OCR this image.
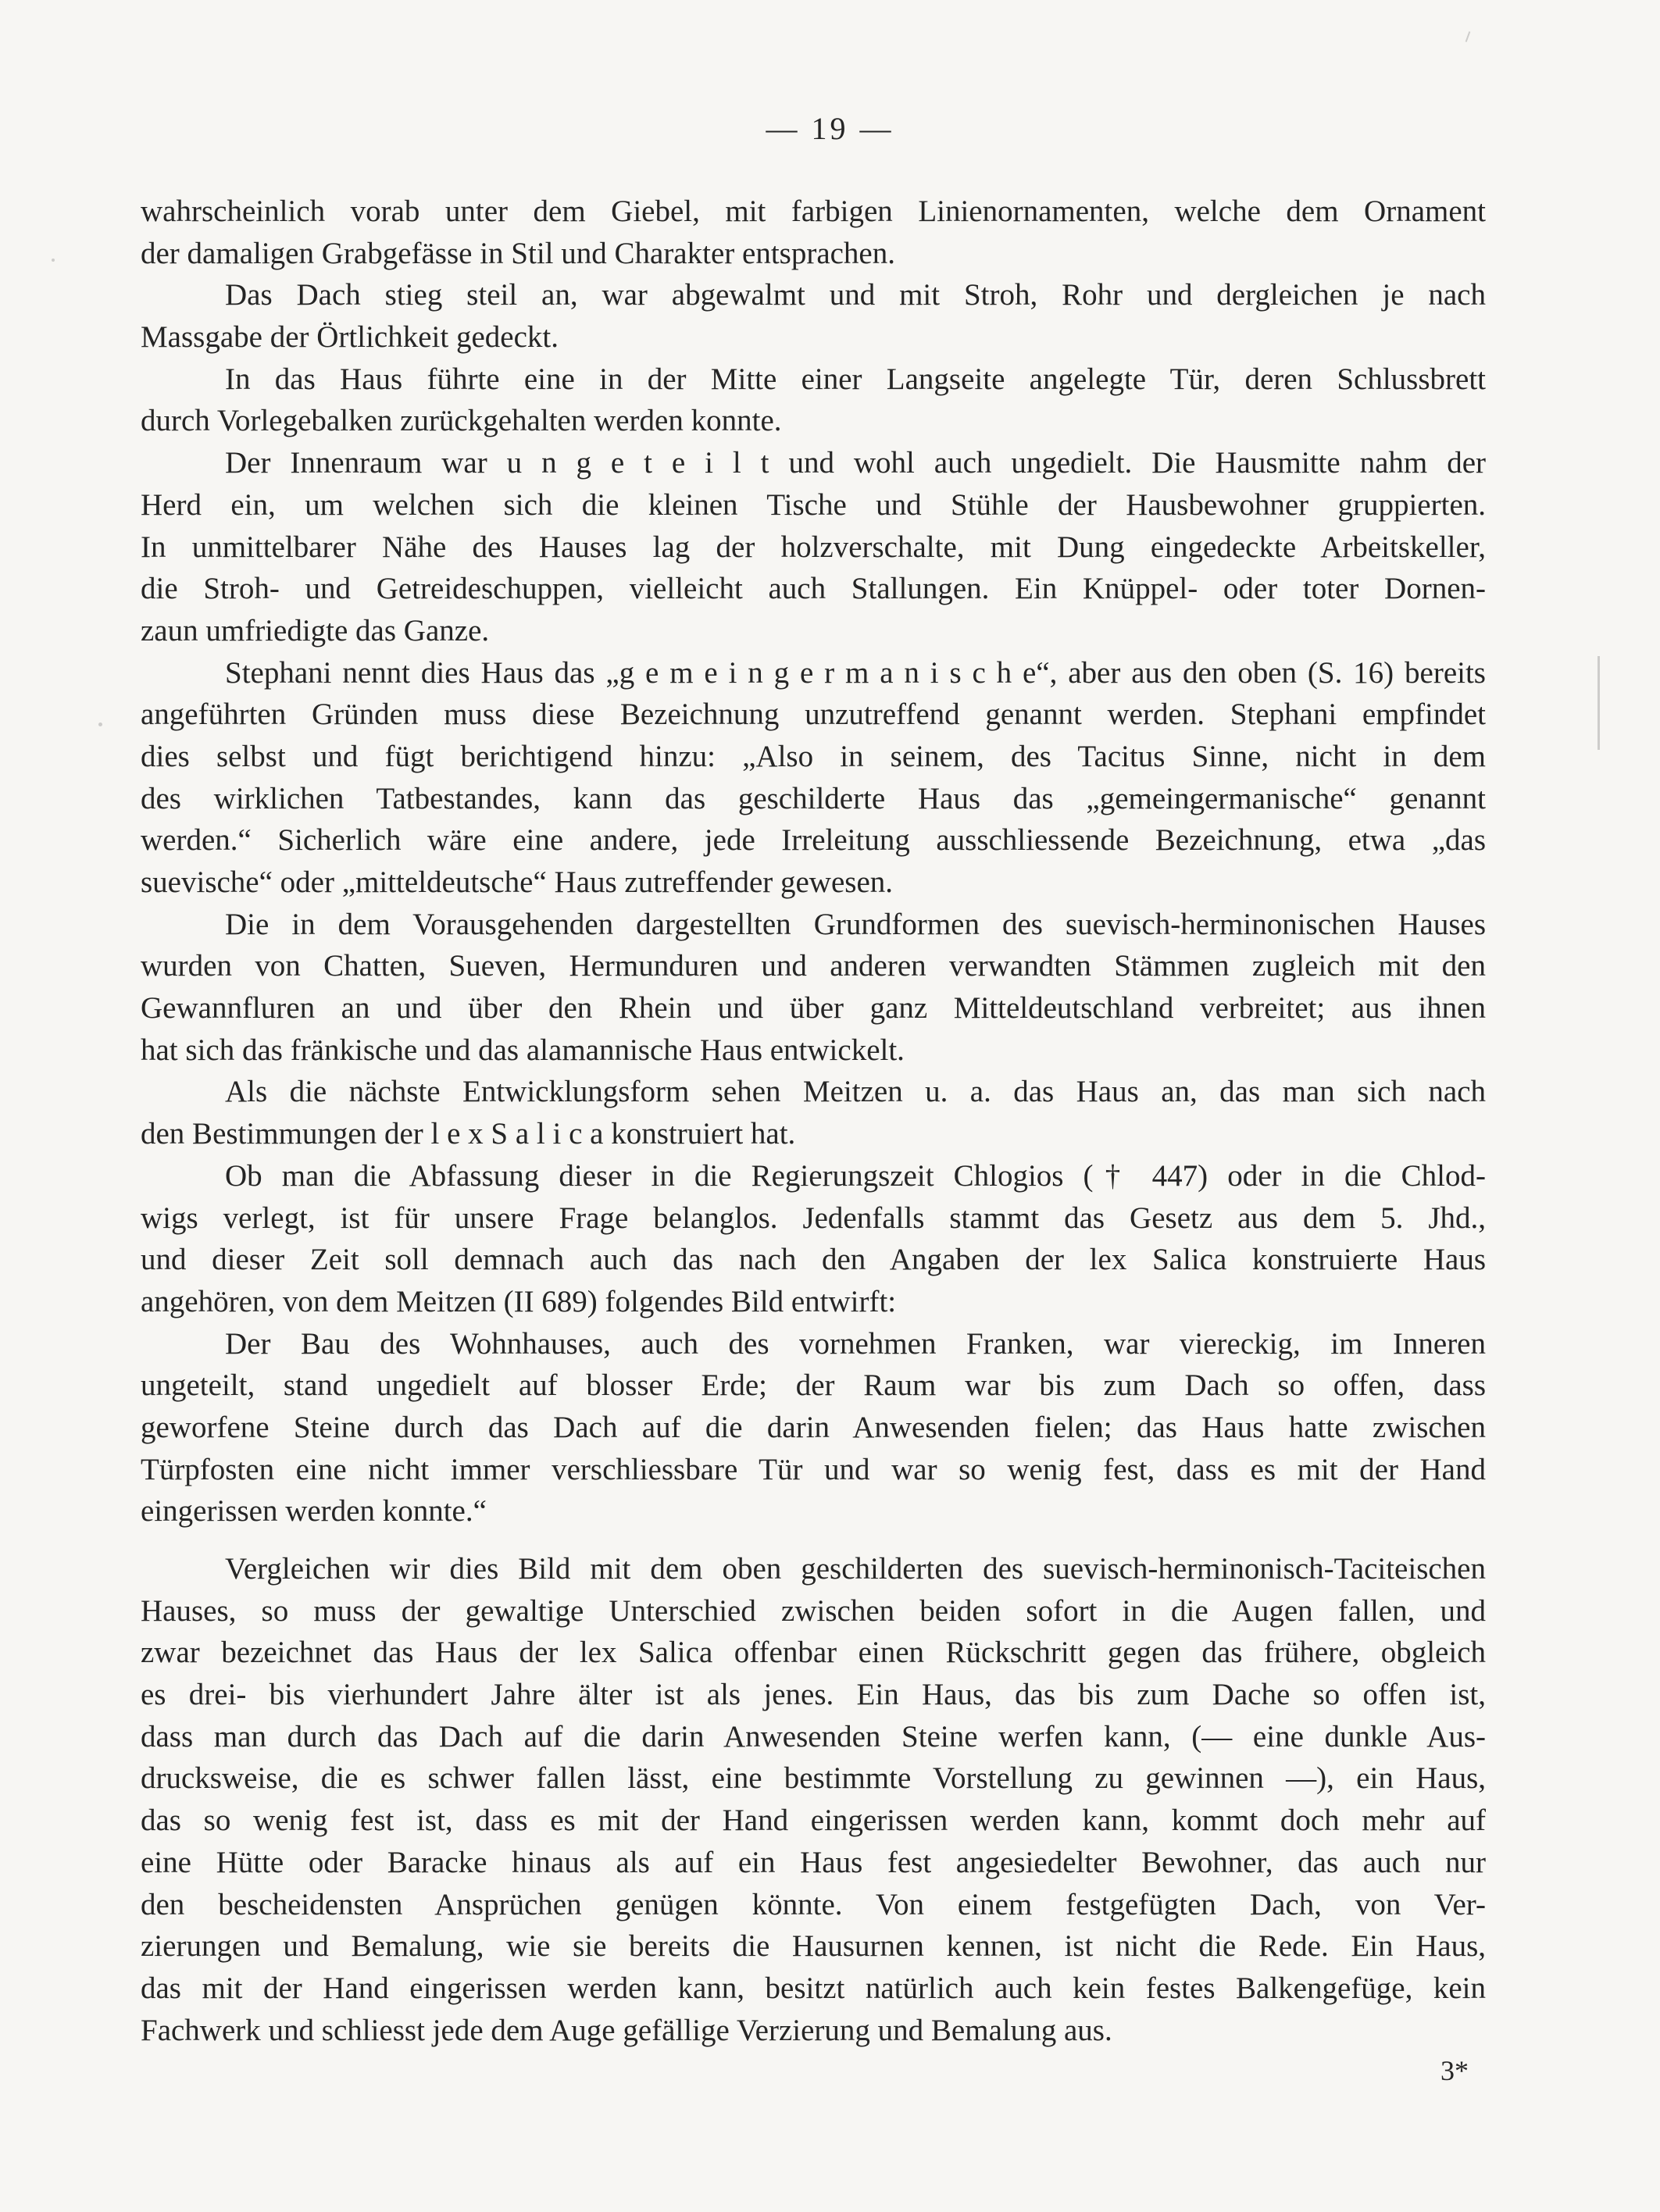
— 19 —
wahrscheinlich vorab unter dem Giebel, mit farbigen Linienornamenten, welche dem Ornament
der damaligen Grabgefässe in Stil und Charakter entsprachen.
Das Dach stieg steil an, war abgewalmt und mit Stroh, Rohr und dergleichen je nach
Massgabe der Örtlichkeit gedeckt.
In das Haus führte eine in der Mitte einer Langseite angelegte Tür, deren Schlussbrett
durch Vorlegebalken zurückgehalten werden konnte.
Der Innenraum war u n g e t e i l t und wohl auch ungedielt. Die Hausmitte nahm der
Herd ein, um welchen sich die kleinen Tische und Stühle der Hausbewohner gruppierten.
In unmittelbarer Nähe des Hauses lag der holzverschalte, mit Dung eingedeckte Arbeitskeller,
die Stroh- und Getreideschuppen, vielleicht auch Stallungen. Ein Knüppel- oder toter Dornen-
zaun umfriedigte das Ganze.
Stephani nennt dies Haus das „g e m e i n g e r m a n i s c h e“, aber aus den oben (S. 16) bereits
angeführten Gründen muss diese Bezeichnung unzutreffend genannt werden. Stephani empfindet
dies selbst und fügt berichtigend hinzu: „Also in seinem, des Tacitus Sinne, nicht in dem
des wirklichen Tatbestandes, kann das geschilderte Haus das „gemeingermanische“ genannt
werden.“ Sicherlich wäre eine andere, jede Irreleitung ausschliessende Bezeichnung, etwa „das
suevische“ oder „mitteldeutsche“ Haus zutreffender gewesen.
Die in dem Vorausgehenden dargestellten Grundformen des suevisch-herminonischen Hauses
wurden von Chatten, Sueven, Hermunduren und anderen verwandten Stämmen zugleich mit den
Gewannfluren an und über den Rhein und über ganz Mitteldeutschland verbreitet; aus ihnen
hat sich das fränkische und das alamannische Haus entwickelt.
Als die nächste Entwicklungsform sehen Meitzen u. a. das Haus an, das man sich nach
den Bestimmungen der l e x S a l i c a konstruiert hat.
Ob man die Abfassung dieser in die Regierungszeit Chlogios († 447) oder in die Chlod-
wigs verlegt, ist für unsere Frage belanglos. Jedenfalls stammt das Gesetz aus dem 5. Jhd.,
und dieser Zeit soll demnach auch das nach den Angaben der lex Salica konstruierte Haus
angehören, von dem Meitzen (II 689) folgendes Bild entwirft:
Der Bau des Wohnhauses, auch des vornehmen Franken, war viereckig, im Inneren
ungeteilt, stand ungedielt auf blosser Erde; der Raum war bis zum Dach so offen, dass
geworfene Steine durch das Dach auf die darin Anwesenden fielen; das Haus hatte zwischen
Türpfosten eine nicht immer verschliessbare Tür und war so wenig fest, dass es mit der Hand
eingerissen werden konnte.“
Vergleichen wir dies Bild mit dem oben geschilderten des suevisch-herminonisch-Taciteischen
Hauses, so muss der gewaltige Unterschied zwischen beiden sofort in die Augen fallen, und
zwar bezeichnet das Haus der lex Salica offenbar einen Rückschritt gegen das frühere, obgleich
es drei- bis vierhundert Jahre älter ist als jenes. Ein Haus, das bis zum Dache so offen ist,
dass man durch das Dach auf die darin Anwesenden Steine werfen kann, (— eine dunkle Aus-
drucksweise, die es schwer fallen lässt, eine bestimmte Vorstellung zu gewinnen —), ein Haus,
das so wenig fest ist, dass es mit der Hand eingerissen werden kann, kommt doch mehr auf
eine Hütte oder Baracke hinaus als auf ein Haus fest angesiedelter Bewohner, das auch nur
den bescheidensten Ansprüchen genügen könnte. Von einem festgefügten Dach, von Ver-
zierungen und Bemalung, wie sie bereits die Hausurnen kennen, ist nicht die Rede. Ein Haus,
das mit der Hand eingerissen werden kann, besitzt natürlich auch kein festes Balkengefüge, kein
Fachwerk und schliesst jede dem Auge gefällige Verzierung und Bemalung aus.
3*
